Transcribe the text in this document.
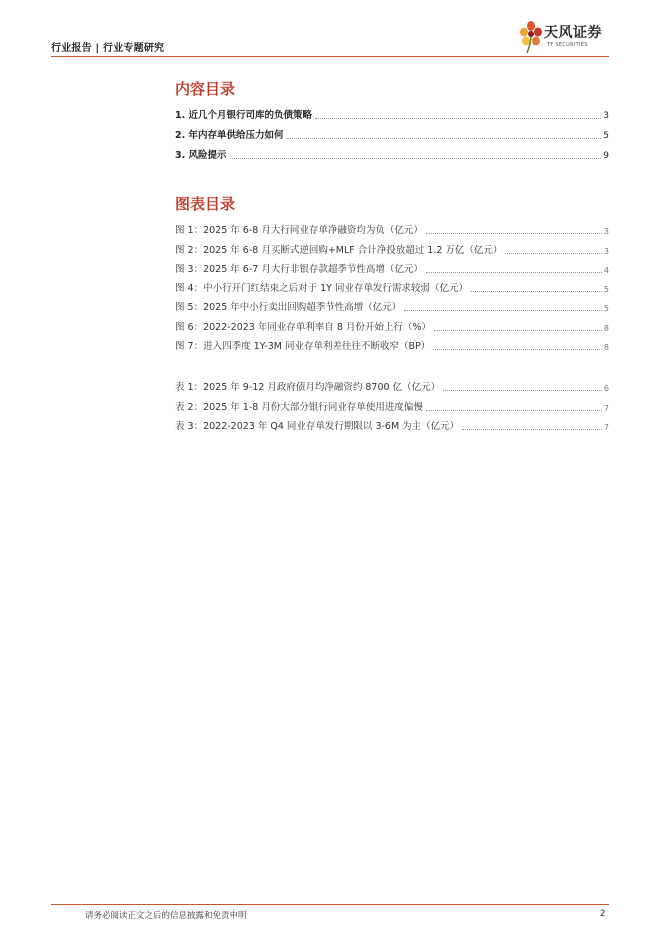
行业报告 | 行业专题研究
天风证券
TF SECURITIES
内容目录
1. 近几个月银行司库的负债策略	3
2. 年内存单供给压力如何	5
3. 风险提示	9
图表目录
图 1：2025 年 6-8 月大行同业存单净融资均为负（亿元）	3
图 2：2025 年 6-8 月买断式逆回购+MLF 合计净投放超过 1.2 万亿（亿元）	3
图 3：2025 年 6-7 月大行非银存款超季节性高增（亿元）	4
图 4：中小行开门红结束之后对于 1Y 同业存单发行需求较弱（亿元）	5
图 5：2025 年中小行卖出回购超季节性高增（亿元）	5
图 6：2022-2023 年同业存单利率自 8 月份开始上行（%）	8
图 7：进入四季度 1Y-3M 同业存单利差往往不断收窄（BP）	8
表 1：2025 年 9-12 月政府债月均净融资约 8700 亿（亿元）	6
表 2：2025 年 1-8 月份大部分银行同业存单使用进度偏慢	7
表 3：2022-2023 年 Q4 同业存单发行期限以 3-6M 为主（亿元）	7
请务必阅读正文之后的信息披露和免责申明	2
